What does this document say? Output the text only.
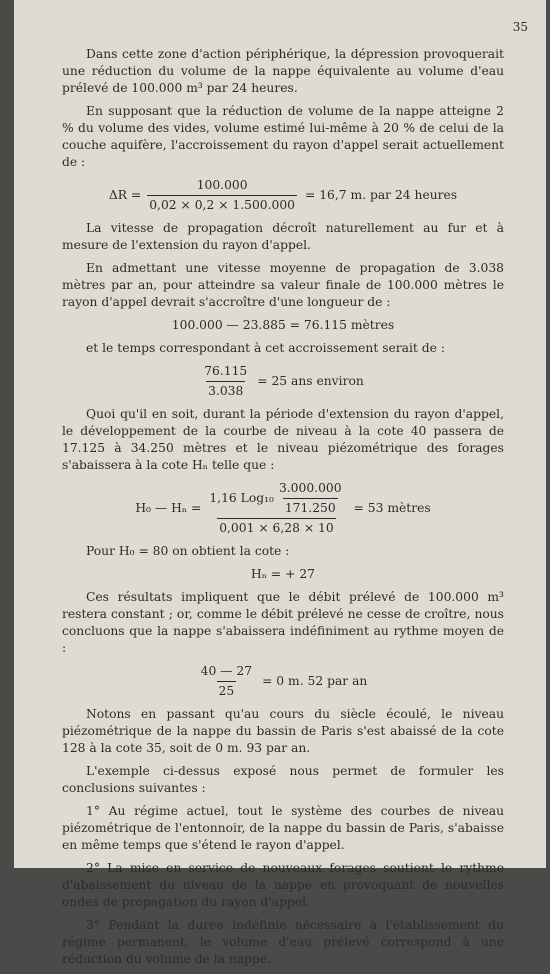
35

Dans cette zone d'action périphérique, la dépression provoquerait une réduction du volume de la nappe équivalente au volume d'eau prélevé de 100.000 m³ par 24 heures.

En supposant que la réduction de volume de la nappe atteigne 2 % du volume des vides, volume estimé lui-même à 20 % de celui de la couche aquifère, l'accroissement du rayon d'appel serait actuellement de :

$\Delta R = \frac{100.000}{0,02 \times 0,2 \times 1.500.000} = 16,7$ m. par 24 heures

La vitesse de propagation décroît naturellement au fur et à mesure de l'extension du rayon d'appel.

En admettant une vitesse moyenne de propagation de 3.038 mètres par an, pour atteindre sa valeur finale de 100.000 mètres le rayon d'appel devrait s'accroître d'une longueur de :

100.000 — 23.885 = 76.115 mètres

et le temps correspondant à cet accroissement serait de :

$\frac{76.115}{3.038} = 25$ ans environ

Quoi qu'il en soit, durant la période d'extension du rayon d'appel, le développement de la courbe de niveau à la cote 40 passera de 17.125 à 34.250 mètres et le niveau piézométrique des forages s'abaissera à la cote Hₙ telle que :

H₀ — Hₙ =
1,16 $Log_{10} \frac{3.000.000}{171.250}$
0,001 × 6,28 × 10
= 53 mètres

Pour H₀ = 80 on obtient la cote :

Hₙ = + 27

Ces résultats impliquent que le débit prélevé de 100.000 m³ restera constant ; or, comme le débit prélevé ne cesse de croître, nous concluons que la nappe s'abaissera indéfiniment au rythme moyen de :

$\frac{40 — 27}{25} = 0$ m. 52 par an

Notons en passant qu'au cours du siècle écoulé, le niveau piézométrique de la nappe du bassin de Paris s'est abaissé de la cote 128 à la cote 35, soit de 0 m. 93 par an.

L'exemple ci-dessus exposé nous permet de formuler les conclusions suivantes :

1° Au régime actuel, tout le système des courbes de niveau piézométrique de l'entonnoir, de la nappe du bassin de Paris, s'abaisse en même temps que s'étend le rayon d'appel.

2° La mise en service de nouveaux forages soutient le rythme d'abaissement du niveau de la nappe en provoquant de nouvelles ondes de propagation du rayon d'appel.

3° Pendant la durée indéfinie nécessaire à l'établissement du régime permanent, le volume d'eau prélevé correspond à une réduction du volume de la nappe.
